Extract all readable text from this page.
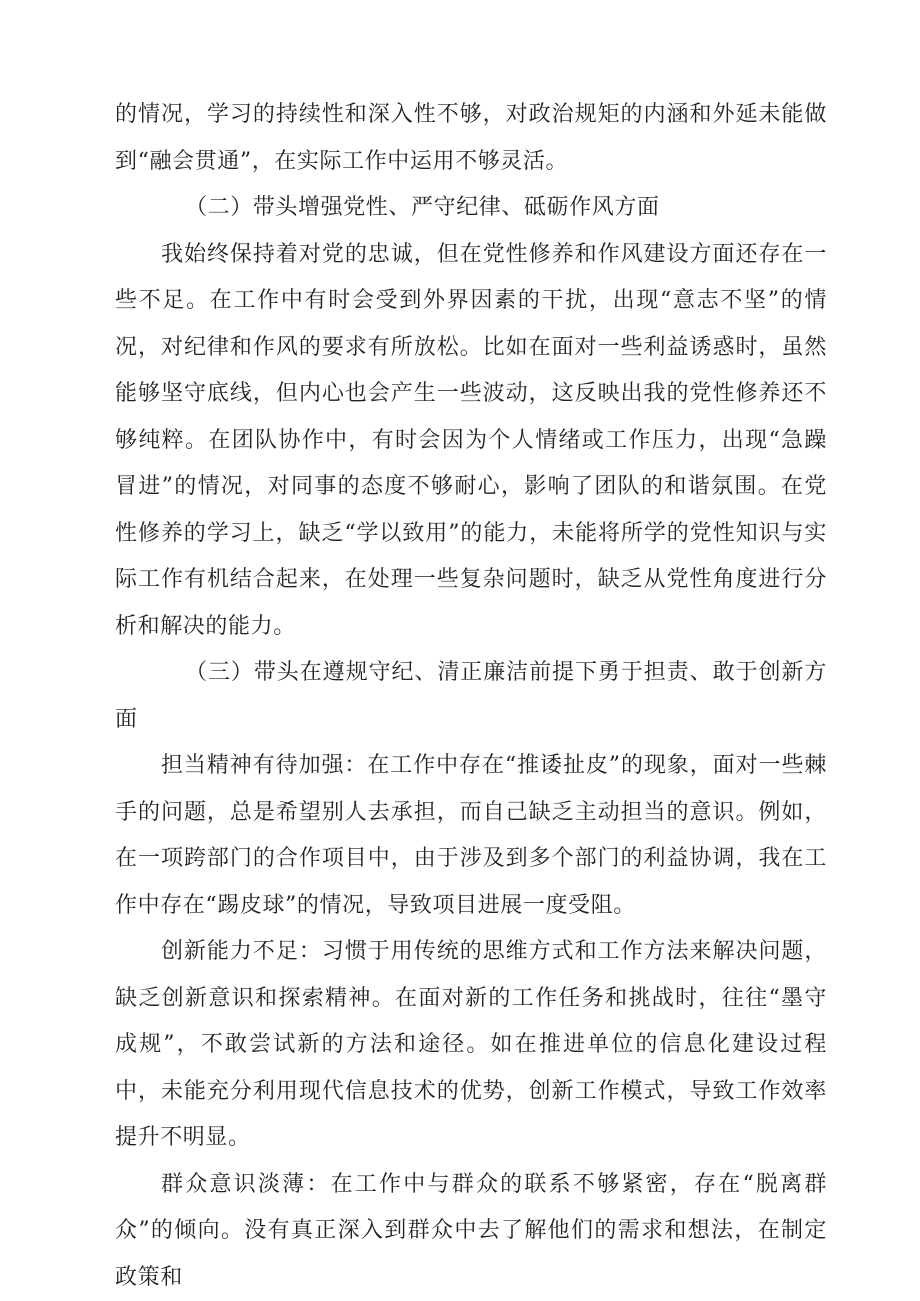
的情况，学习的持续性和深入性不够，对政治规矩的内涵和外延未能做到“融会贯通”，在实际工作中运用不够灵活。

（二）带头增强党性、严守纪律、砥砺作风方面

我始终保持着对党的忠诚，但在党性修养和作风建设方面还存在一些不足。在工作中有时会受到外界因素的干扰，出现“意志不坚”的情况，对纪律和作风的要求有所放松。比如在面对一些利益诱惑时，虽然能够坚守底线，但内心也会产生一些波动，这反映出我的党性修养还不够纯粹。在团队协作中，有时会因为个人情绪或工作压力，出现“急躁冒进”的情况，对同事的态度不够耐心，影响了团队的和谐氛围。在党性修养的学习上，缺乏“学以致用”的能力，未能将所学的党性知识与实际工作有机结合起来，在处理一些复杂问题时，缺乏从党性角度进行分析和解决的能力。

（三）带头在遵规守纪、清正廉洁前提下勇于担责、敢于创新方面

担当精神有待加强：在工作中存在“推诿扯皮”的现象，面对一些棘手的问题，总是希望别人去承担，而自己缺乏主动担当的意识。例如，在一项跨部门的合作项目中，由于涉及到多个部门的利益协调，我在工作中存在“踢皮球”的情况，导致项目进展一度受阻。

创新能力不足：习惯于用传统的思维方式和工作方法来解决问题，缺乏创新意识和探索精神。在面对新的工作任务和挑战时，往往“墨守成规”，不敢尝试新的方法和途径。如在推进单位的信息化建设过程中，未能充分利用现代信息技术的优势，创新工作模式，导致工作效率提升不明显。

群众意识淡薄：在工作中与群众的联系不够紧密，存在“脱离群众”的倾向。没有真正深入到群众中去了解他们的需求和想法，在制定政策和
